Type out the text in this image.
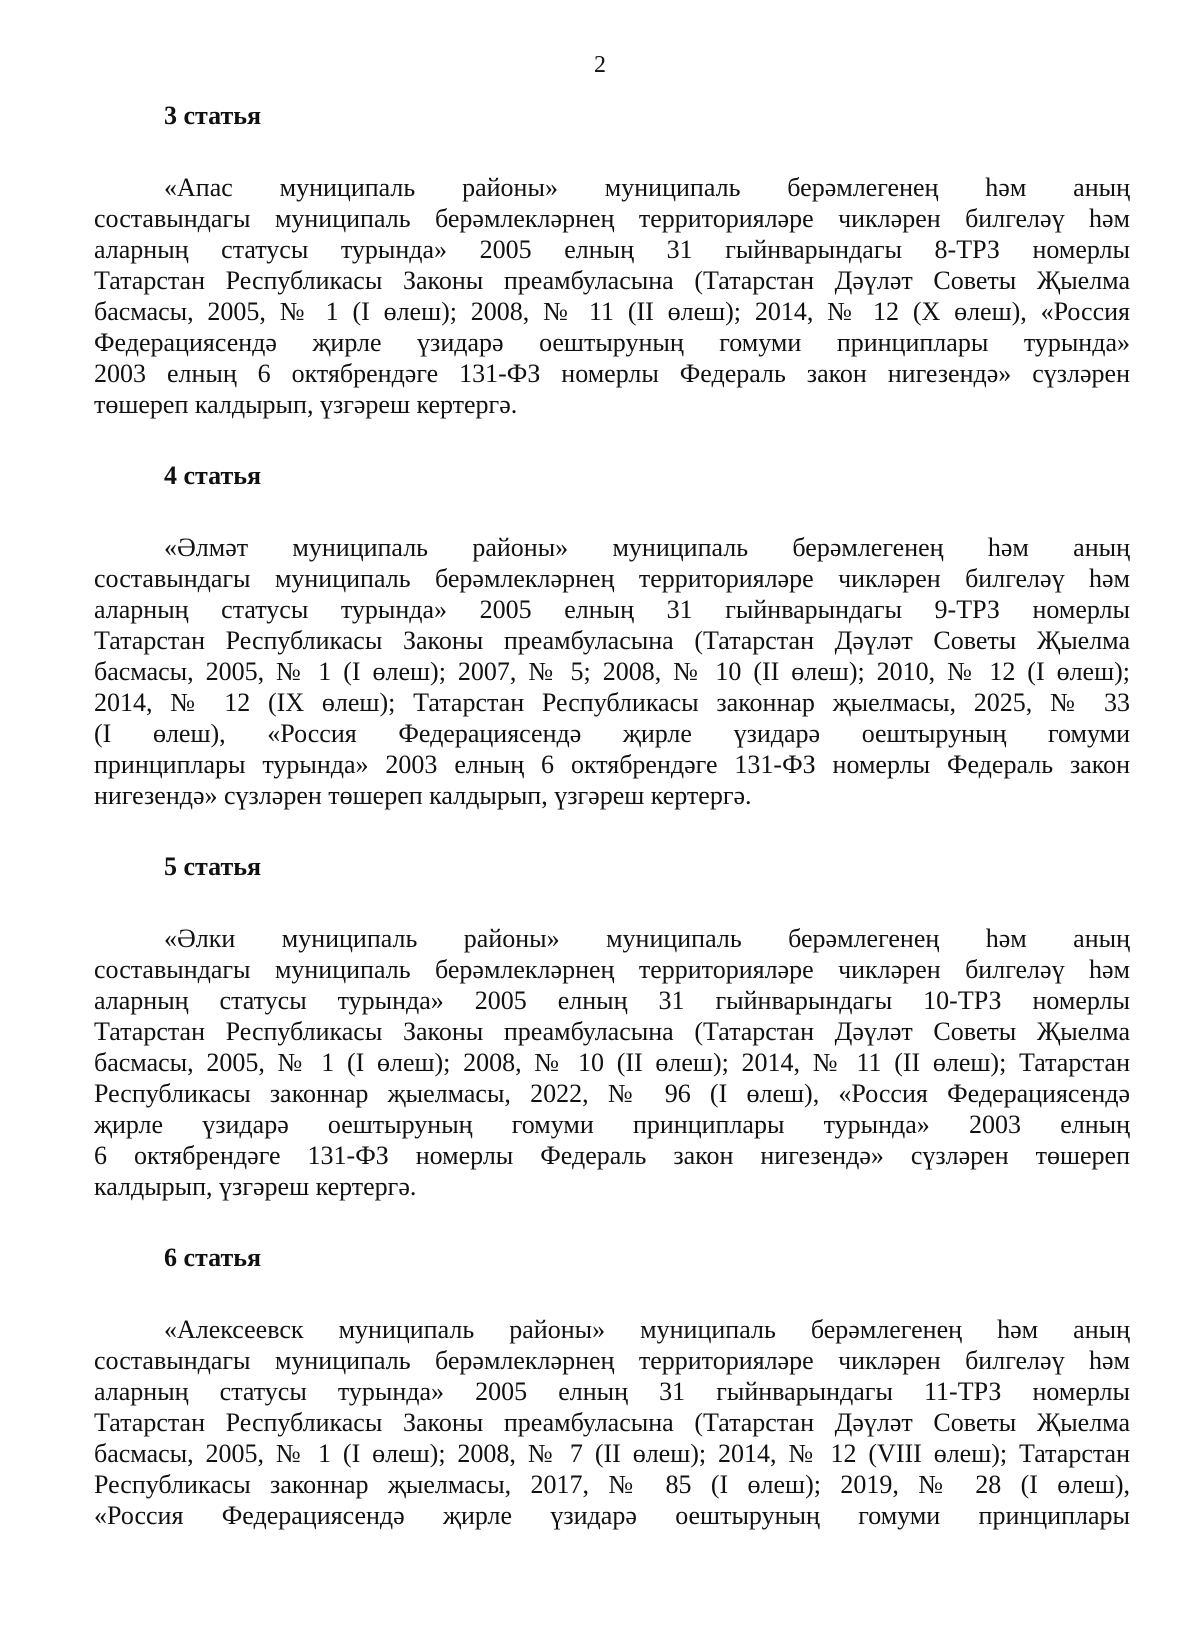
2
3 статья
«Апас муниципаль районы» муниципаль берәмлегенең һәм аның
составындагы муниципаль берәмлекләрнең территорияләре чикләрен билгеләү һәм
аларның статусы турында» 2005 елның 31 гыйнварындагы 8-ТРЗ номерлы
Татарстан Республикасы Законы преамбуласына (Татарстан Дәүләт Советы Җыелма
басмасы, 2005, № 1 (I өлеш); 2008, № 11 (II өлеш); 2014, № 12 (X өлеш), «Россия
Федерациясендә җирле үзидарә оештыруның гомуми принциплары турында»
2003 елның 6 октябрендәге 131-ФЗ номерлы Федераль закон нигезендә» сүзләрен
төшереп калдырып, үзгәреш кертергә.
4 статья
«Әлмәт муниципаль районы» муниципаль берәмлегенең һәм аның
составындагы муниципаль берәмлекләрнең территорияләре чикләрен билгеләү һәм
аларның статусы турында» 2005 елның 31 гыйнварындагы 9-ТРЗ номерлы
Татарстан Республикасы Законы преамбуласына (Татарстан Дәүләт Советы Җыелма
басмасы, 2005, № 1 (I өлеш); 2007, № 5; 2008, № 10 (II өлеш); 2010, № 12 (I өлеш);
2014, № 12 (IX өлеш); Татарстан Республикасы законнар җыелмасы, 2025, № 33
(I өлеш), «Россия Федерациясендә җирле үзидарә оештыруның гомуми
принциплары турында» 2003 елның 6 октябрендәге 131-ФЗ номерлы Федераль закон
нигезендә» сүзләрен төшереп калдырып, үзгәреш кертергә.
5 статья
«Әлки муниципаль районы» муниципаль берәмлегенең һәм аның
составындагы муниципаль берәмлекләрнең территорияләре чикләрен билгеләү һәм
аларның статусы турында» 2005 елның 31 гыйнварындагы 10-ТРЗ номерлы
Татарстан Республикасы Законы преамбуласына (Татарстан Дәүләт Советы Җыелма
басмасы, 2005, № 1 (I өлеш); 2008, № 10 (II өлеш); 2014, № 11 (II өлеш); Татарстан
Республикасы законнар җыелмасы, 2022, № 96 (I өлеш), «Россия Федерациясендә
җирле үзидарә оештыруның гомуми принциплары турында» 2003 елның
6 октябрендәге 131-ФЗ номерлы Федераль закон нигезендә» сүзләрен төшереп
калдырып, үзгәреш кертергә.
6 статья
«Алексеевск муниципаль районы» муниципаль берәмлегенең һәм аның
составындагы муниципаль берәмлекләрнең территорияләре чикләрен билгеләү һәм
аларның статусы турында» 2005 елның 31 гыйнварындагы 11-ТРЗ номерлы
Татарстан Республикасы Законы преамбуласына (Татарстан Дәүләт Советы Җыелма
басмасы, 2005, № 1 (I өлеш); 2008, № 7 (II өлеш); 2014, № 12 (VIII өлеш); Татарстан
Республикасы законнар җыелмасы, 2017, № 85 (I өлеш); 2019, № 28 (I өлеш),
«Россия Федерациясендә җирле үзидарә оештыруның гомуми принциплары
